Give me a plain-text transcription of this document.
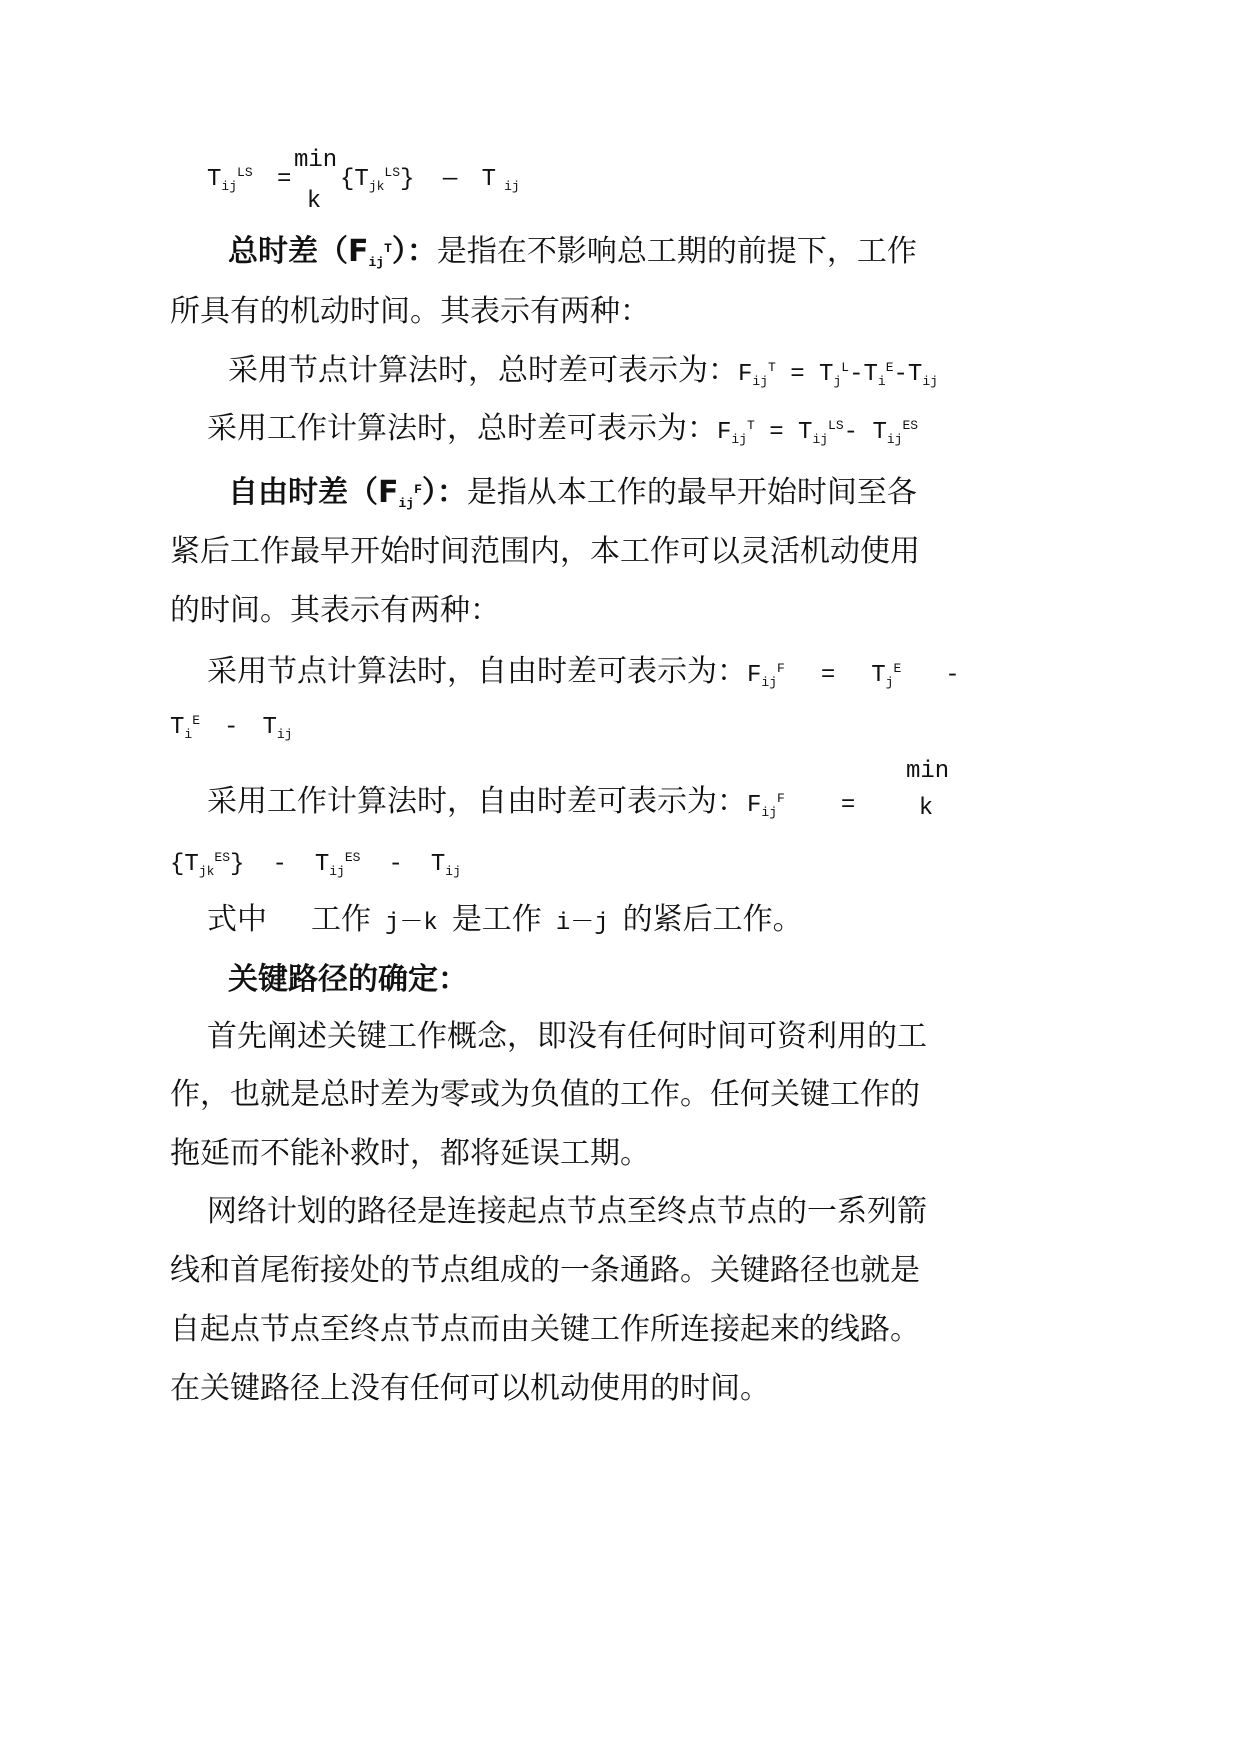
$T_{ij}^{LS}$ =
min
k
$\{T_{jk}^{LS}\}$ — T $_{ij}$
总时差$(F_{ij}^T)$：是指在不影响总工期的前提下，工作
所具有的机动时间。其表示有两种：
采用节点计算法时，总时差可表示为：$F_{ij}^T = T_j^L-T_i^E-T_{ij}$
采用工作计算法时，总时差可表示为：$F_{ij}^T = T_{ij}^{LS}-$ $T_{ij}^{ES}$
自由时差$(F_{ij}^F)$：是指从本工作的最早开始时间至各
紧后工作最早开始时间范围内，本工作可以灵活机动使用
的时间。其表示有两种：
采用节点计算法时，自由时差可表示为：$F_{ij}^F = T_j^E$ -
$T_i^E - T_{ij}$
采用工作计算法时，自由时差可表示为：$F_{ij}^F$ =
min
k
$\{T_{jk}^{ES}\} - T_{ij}^{ES} - T_{ij}$
式中 工作 j－k 是工作 i－j 的紧后工作。
关键路径的确定：
首先阐述关键工作概念，即没有任何时间可资利用的工
作，也就是总时差为零或为负值的工作。任何关键工作的
拖延而不能补救时，都将延误工期。
网络计划的路径是连接起点节点至终点节点的一系列箭
线和首尾衔接处的节点组成的一条通路。关键路径也就是
自起点节点至终点节点而由关键工作所连接起来的线路。
在关键路径上没有任何可以机动使用的时间。
